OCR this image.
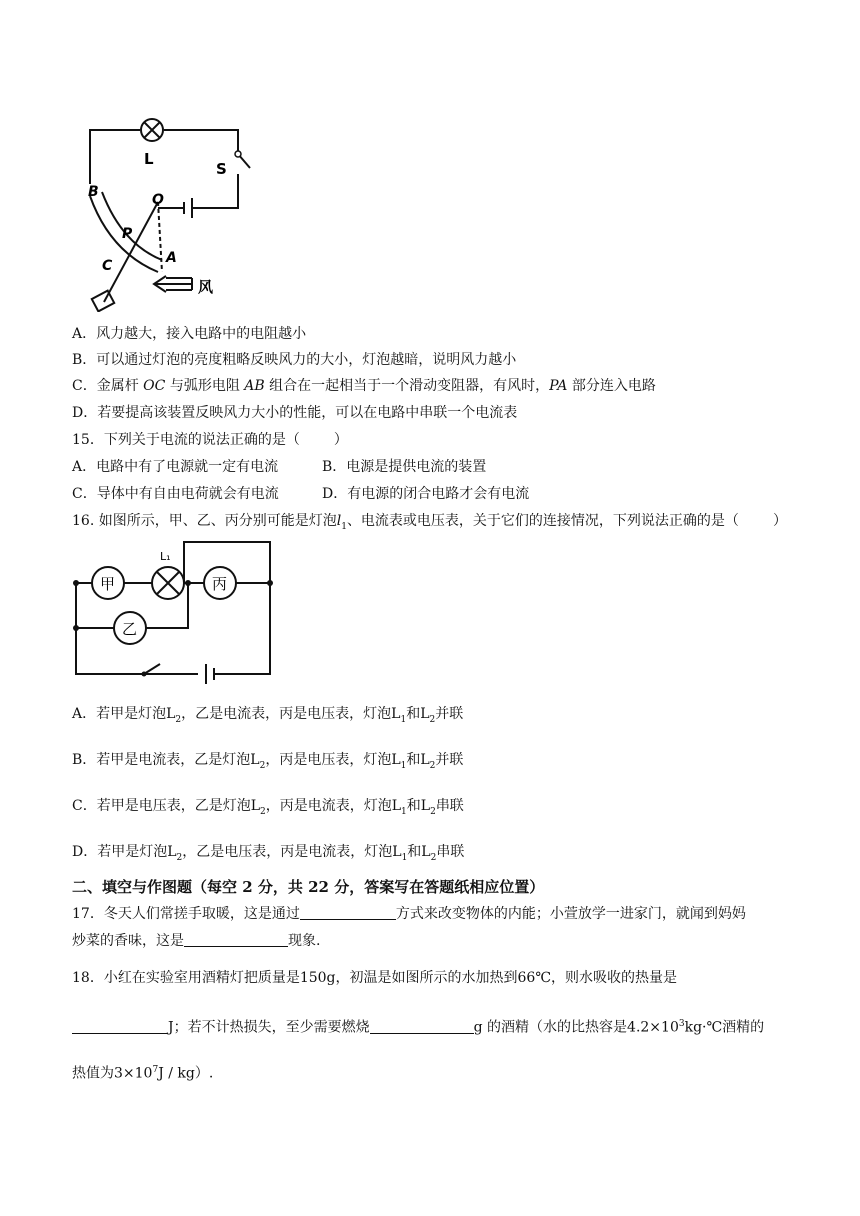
L
S
B	O
P
C	A
风
A．风力越大，接入电路中的电阻越小
B．可以通过灯泡的亮度粗略反映风力的大小，灯泡越暗，说明风力越小
C．金属杆 OC 与弧形电阻 AB 组合在一起相当于一个滑动变阻器，有风时，PA 部分连入电路
D．若要提高该装置反映风力大小的性能，可以在电路中串联一个电流表
15．下列关于电流的说法正确的是（ ）
A．电路中有了电源就一定有电流	B．电源是提供电流的装置
C．导体中有自由电荷就会有电流	D．有电源的闭合电路才会有电流
16. 如图所示，甲、乙、丙分别可能是灯泡$l_1$、电流表或电压表，关于它们的连接情况，下列说法正确的是（ ）
甲
L₁
丙
乙
A．若甲是灯泡$L_2$，乙是电流表，丙是电压表，灯泡$L_1$和$L_2$并联
B．若甲是电流表，乙是灯泡$L_2$，丙是电压表，灯泡$L_1$和$L_2$并联
C．若甲是电压表，乙是灯泡$L_2$，丙是电流表，灯泡$L_1$和$L_2$串联
D．若甲是灯泡$L_2$，乙是电压表，丙是电流表，灯泡$L_1$和$L_2$串联
二、填空与作图题（每空 2 分，共 22 分，答案写在答题纸相应位置）
17．冬天人们常搓手取暖，这是通过	方式来改变物体的内能；小萱放学一进家门，就闻到妈妈
炒菜的香味，这是	现象.
18．小红在实验室用酒精灯把质量是150g，初温是如图所示的水加热到66℃，则水吸收的热量是
J；若不计热损失，至少需要燃烧	g 的酒精（水的比热容是$4.2\times 10^3kg\cdot℃$酒精的
热值为$3\times 10^7J / kg$）.
